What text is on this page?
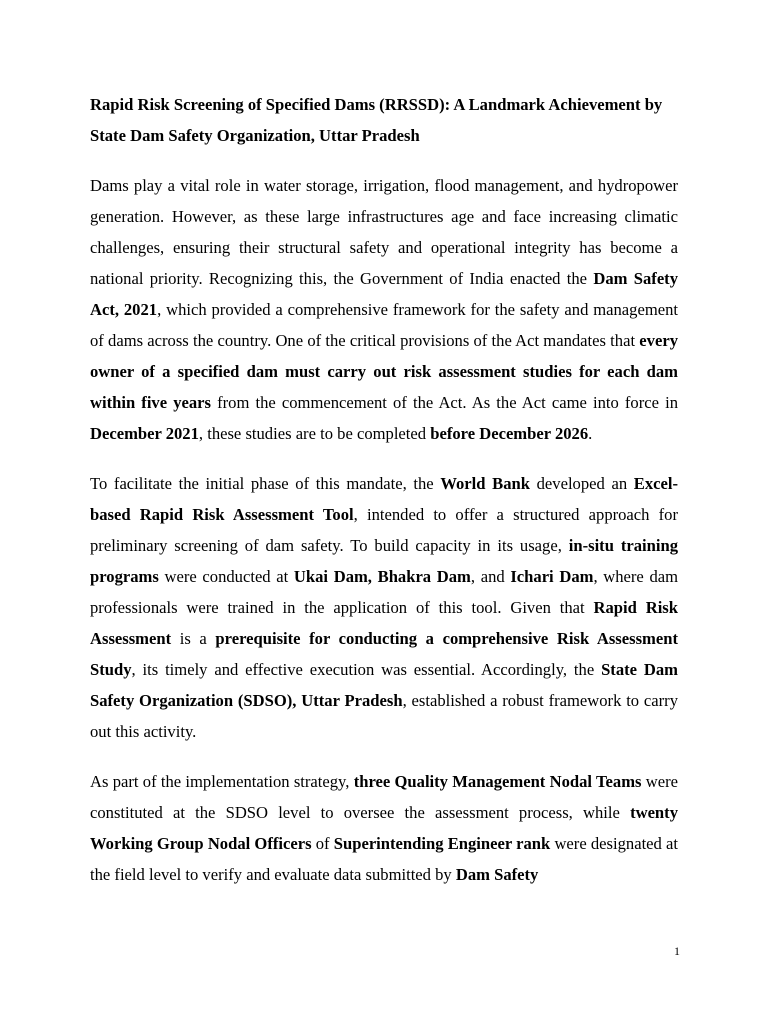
Rapid Risk Screening of Specified Dams (RRSSD): A Landmark Achievement by State Dam Safety Organization, Uttar Pradesh

Dams play a vital role in water storage, irrigation, flood management, and hydropower generation. However, as these large infrastructures age and face increasing climatic challenges, ensuring their structural safety and operational integrity has become a national priority. Recognizing this, the Government of India enacted the Dam Safety Act, 2021, which provided a comprehensive framework for the safety and management of dams across the country. One of the critical provisions of the Act mandates that every owner of a specified dam must carry out risk assessment studies for each dam within five years from the commencement of the Act. As the Act came into force in December 2021, these studies are to be completed before December 2026.

To facilitate the initial phase of this mandate, the World Bank developed an Excel-based Rapid Risk Assessment Tool, intended to offer a structured approach for preliminary screening of dam safety. To build capacity in its usage, in-situ training programs were conducted at Ukai Dam, Bhakra Dam, and Ichari Dam, where dam professionals were trained in the application of this tool. Given that Rapid Risk Assessment is a prerequisite for conducting a comprehensive Risk Assessment Study, its timely and effective execution was essential. Accordingly, the State Dam Safety Organization (SDSO), Uttar Pradesh, established a robust framework to carry out this activity.

As part of the implementation strategy, three Quality Management Nodal Teams were constituted at the SDSO level to oversee the assessment process, while twenty Working Group Nodal Officers of Superintending Engineer rank were designated at the field level to verify and evaluate data submitted by Dam Safety

1
